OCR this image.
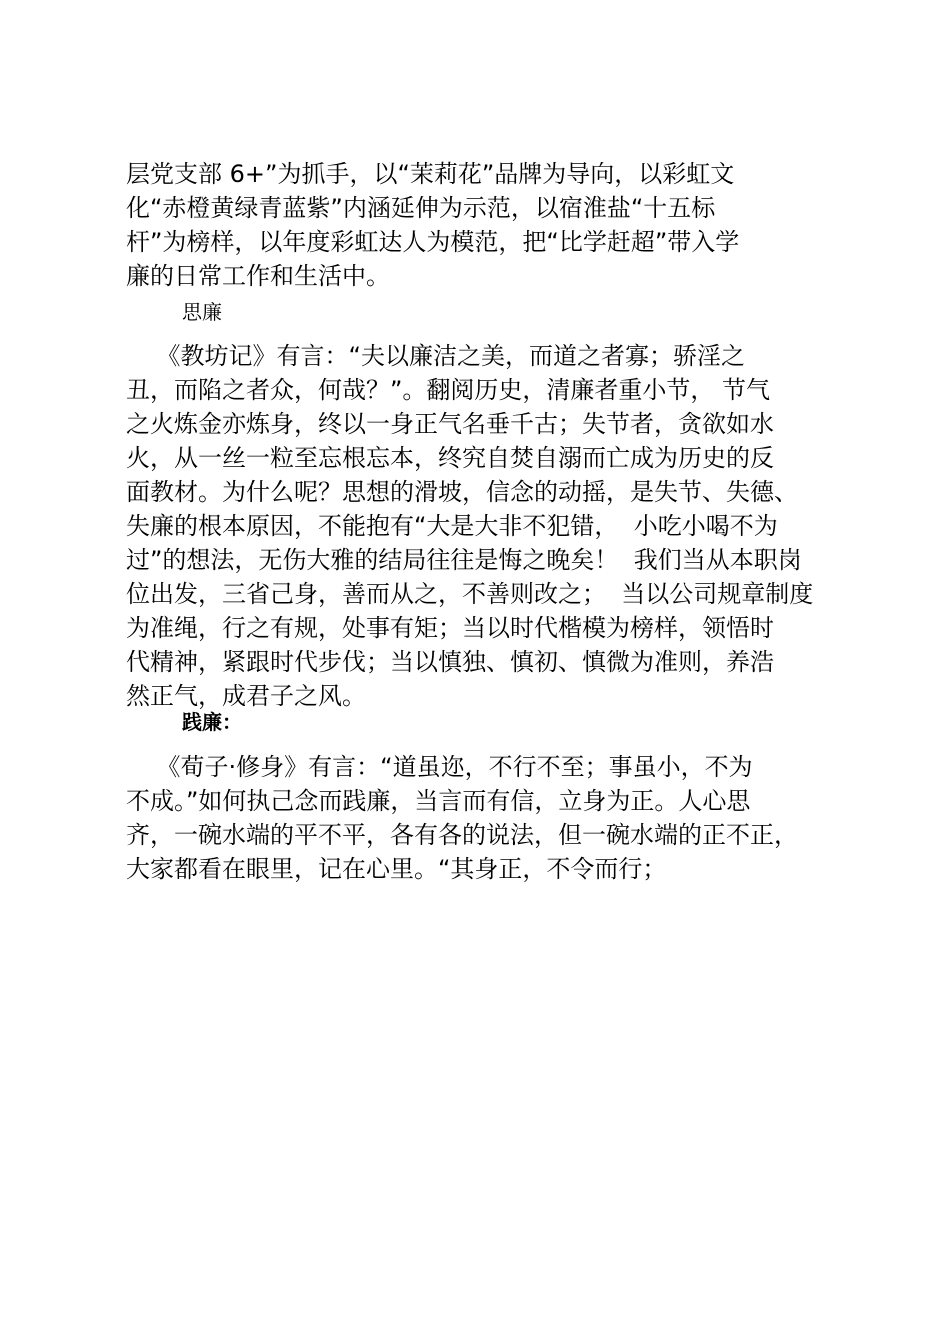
层党支部 6+”为抓手，以“茉莉花”品牌为导向，以彩虹文
化“赤橙黄绿青蓝紫”内涵延伸为示范，以宿淮盐“十五标
杆”为榜样，以年度彩虹达人为模范，把“比学赶超”带入学
廉的日常工作和生活中。
思廉
《教坊记》有言：“夫以廉洁之美，而道之者寡；骄淫之
丑，而陷之者众，何哉？”。翻阅历史，清廉者重小节， 节气
之火炼金亦炼身，终以一身正气名垂千古；失节者，贪欲如水
火，从一丝一粒至忘根忘本，终究自焚自溺而亡成为历史的反
面教材。为什么呢？思想的滑坡，信念的动摇，是失节、失德、
失廉的根本原因，不能抱有“大是大非不犯错，  小吃小喝不为
过”的想法，无伤大雅的结局往往是悔之晚矣！  我们当从本职岗
位出发，三省己身，善而从之，不善则改之；  当以公司规章制度
为准绳，行之有规，处事有矩；当以时代楷模为榜样，领悟时
代精神，紧跟时代步伐；当以慎独、慎初、慎微为准则，养浩
然正气，成君子之风。
践廉：
《荀子·修身》有言：“道虽迩，不行不至；事虽小，不为
不成。”如何执己念而践廉，当言而有信，立身为正。人心思
齐，一碗水端的平不平，各有各的说法，但一碗水端的正不正，
大家都看在眼里，记在心里。“其身正，不令而行；
